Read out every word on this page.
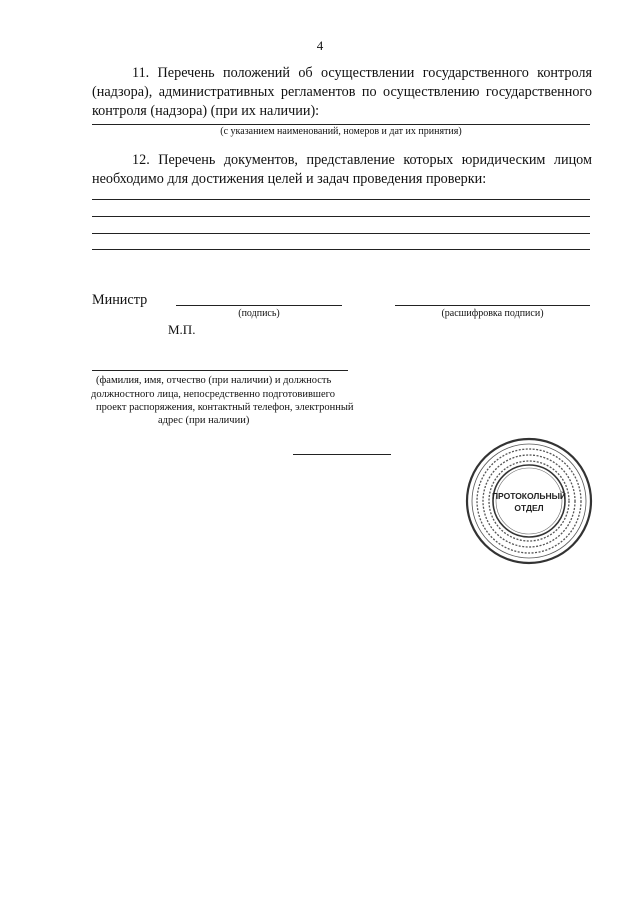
4
11. Перечень положений об осуществлении государственного контроля (надзора), административных регламентов по осуществлению государственного контроля (надзора) (при их наличии):
(с указанием наименований, номеров и дат их принятия)
12. Перечень документов, представление которых юридическим лицом необходимо для достижения целей и задач проведения проверки:
Министр
(подпись)	(расшифровка подписи)
М.П.
(фамилия, имя, отчество (при наличии) и должность
должностного лица, непосредственно подготовившего
проект распоряжения, контактный телефон, электронный
адрес (при наличии)
ПРОТОКОЛЬНЫЙ
ОТДЕЛ
